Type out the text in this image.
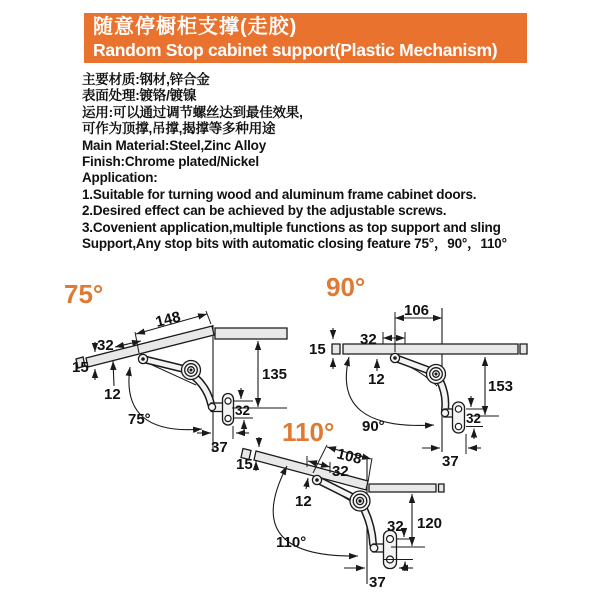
随意停橱柜支撑(走胶)
Random Stop cabinet support(Plastic Mechanism)
主要材质:钢材,锌合金
表面处理:镀铬/镀镍
运用:可以通过调节螺丝达到最佳效果,
可作为顶撑,吊撑,揭撑等多种用途
Main Material:Steel,Zinc Alloy
Finish:Chrome plated/Nickel
Application:
1.Suitable for turning wood and aluminum frame cabinet doors.
2.Desired effect can be achieved by the adjustable screws.
3.Covenient application,multiple functions as top support and sling
Support,Any stop bits with automatic closing feature 75°，90°，110°
75°
75°
15
12
32
148
135
32
37
90°
90°
106
32
15
12	153
32
37
110°
110°
15	108
32
12
120
32
37
